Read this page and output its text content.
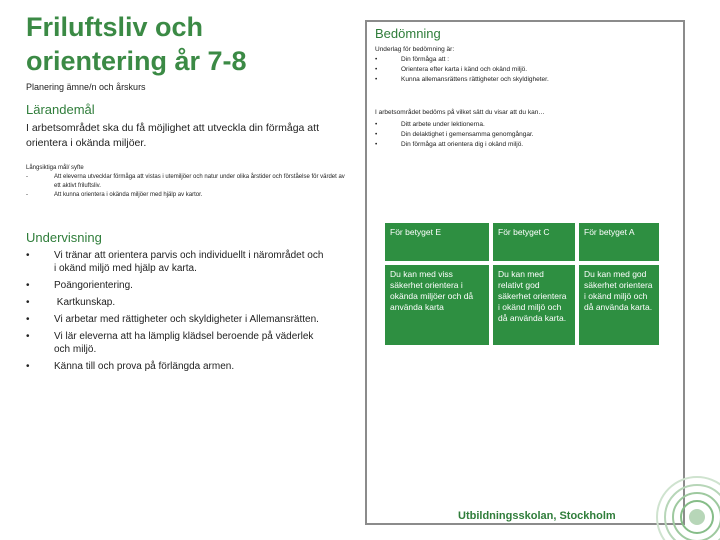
Friluftsliv och
orientering år 7-8
Planering ämne/n och årskurs
Lärandemål
I arbetsområdet ska du få möjlighet att utveckla din förmåga att orientera i okända miljöer.
Långsiktiga mål/ syfte
-	Att eleverna utvecklar förmåga att vistas i utemiljöer och natur under olika årstider och förståelse för värdet av ett aktivt friluftsliv.
-	Att kunna orientera i okända miljöer med hjälp av kartor.
Undervisning
•	Vi tränar att orientera parvis och individuellt i närområdet och i okänd miljö med hjälp av karta.
•	Poängorientering.
•	Kartkunskap.
•	Vi arbetar med rättigheter och skyldigheter i Allemansrätten.
•	Vi lär eleverna att ha lämplig klädsel beroende på väderlek och miljö.
•	Känna till och prova på förlängda armen.
Bedömning
Underlag för bedömning är:
•	Din förmåga att :
•	Orientera efter karta i känd och okänd miljö.
•	Kunna allemansrättens rättigheter och skyldigheter.
I arbetsområdet bedöms på vilket sätt du visar att du kan…
•	Ditt arbete under lektionerna.
•	Din delaktighet i gemensamma genomgångar.
•	Din förmåga att orientera dig i okänd miljö.
För betyget E	För betyget C	För betyget A
Du kan med viss säkerhet orientera i okända miljöer och då använda karta	Du kan med relativt god säkerhet orientera i okänd miljö och då använda karta.	Du kan med god säkerhet orientera i okänd miljö och då använda karta.
Utbildningsskolan, Stockholm
